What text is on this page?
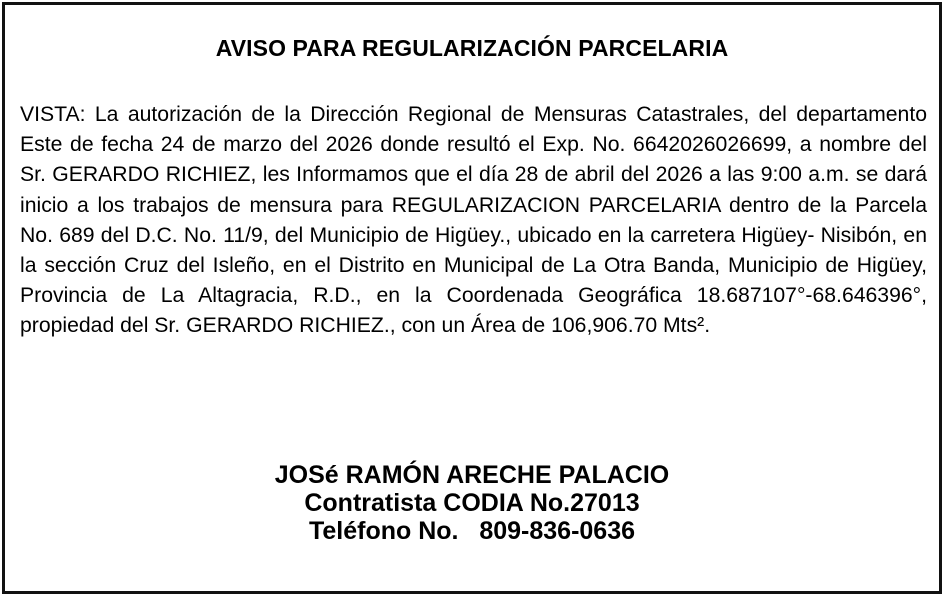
AVISO PARA REGULARIZACIÓN PARCELARIA
VISTA: La autorización de la Dirección Regional de Mensuras Catastrales, del departamento Este de fecha 24 de marzo del 2026 donde resultó el Exp. No. 6642026026699, a nombre del Sr. GERARDO RICHIEZ, les Informamos que el día 28 de abril del 2026 a las 9:00 a.m. se dará inicio a los trabajos de mensura para REGULARIZACION PARCELARIA dentro de la Parcela No. 689 del D.C. No. 11/9, del Municipio de Higüey., ubicado en la carretera Higüey- Nisibón, en la sección Cruz del Isleño, en el Distrito en Municipal de La Otra Banda, Municipio de Higüey, Provincia de La Altagracia, R.D., en la Coordenada Geográfica 18.687107°-68.646396°, propiedad del Sr. GERARDO RICHIEZ., con un Área de 106,906.70 Mts².
JOSé RAMÓN ARECHE PALACIO
Contratista CODIA No.27013
Teléfono No.   809-836-0636
